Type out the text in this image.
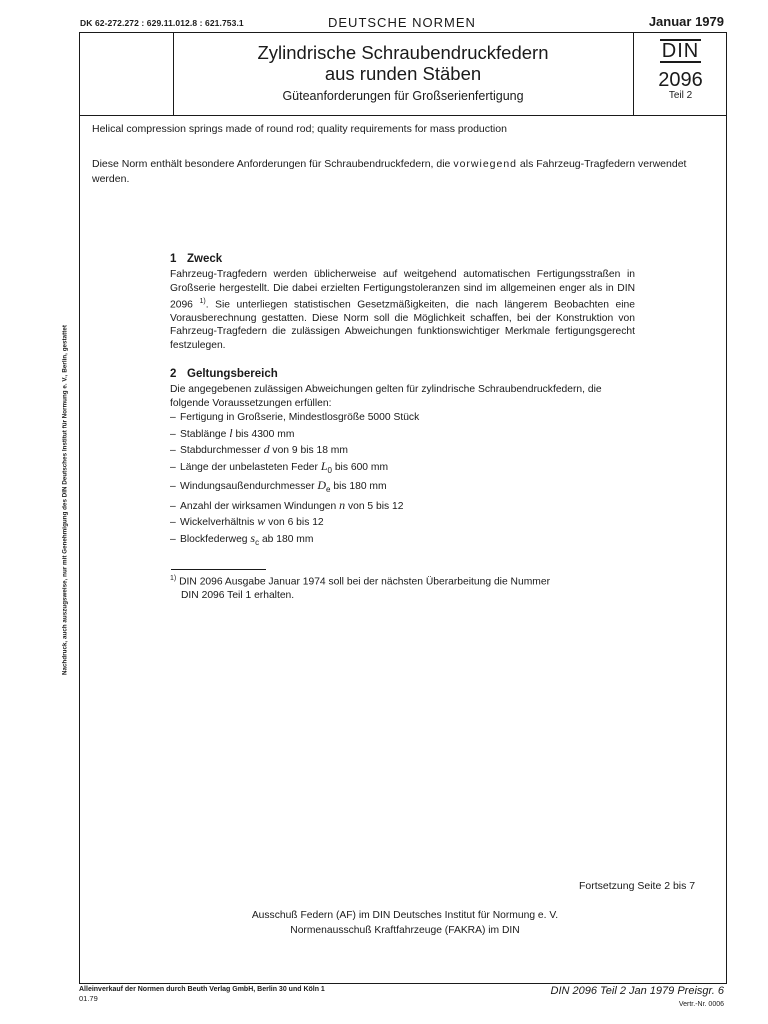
DK 62-272.272 : 629.11.012.8 : 621.753.1	DEUTSCHE NORMEN	Januar 1979
Zylindrische Schraubendruckfedern
aus runden Stäben
Güteanforderungen für Großserienfertigung
DIN
2096
Teil 2
Nachdruck, auch auszugsweise, nur mit Genehmigung des DIN Deutsches Institut für Normung e. V., Berlin, gestattet
Helical compression springs made of round rod; quality requirements for mass production
Diese Norm enthält besondere Anforderungen für Schraubendruckfedern, die vorwiegend als Fahrzeug-Tragfedern verwendet werden.
1 Zweck

Fahrzeug-Tragfedern werden üblicherweise auf weitgehend automatischen Fertigungsstraßen in Großserie hergestellt. Die dabei erzielten Fertigungstoleranzen sind im allgemeinen enger als in DIN 2096 $^{1)}$. Sie unterliegen statistischen Gesetzmäßigkeiten, die nach längerem Beobachten eine Vorausberechnung gestatten. Diese Norm soll die Möglichkeit schaffen, bei der Konstruktion von Fahrzeug-Tragfedern die zulässigen Abweichungen funktionswichtiger Merkmale fertigungsgerecht festzulegen.

2 Geltungsbereich

Die angegebenen zulässigen Abweichungen gelten für zylindrische Schraubendruckfedern, die folgende Voraussetzungen erfüllen:

– Fertigung in Großserie, Mindestlosgröße 5000 Stück
– Stablänge l bis 4300 mm
– Stabdurchmesser d von 9 bis 18 mm
– Länge der unbelasteten Feder $L_0$ bis 600 mm
– Windungsaußendurchmesser $D_e$ bis 180 mm
– Anzahl der wirksamen Windungen n von 5 bis 12
– Wickelverhältnis w von 6 bis 12
– Blockfederweg $s_c$ ab 180 mm
$^{1)}$ DIN 2096 Ausgabe Januar 1974 soll bei der nächsten Überarbeitung die Nummer
DIN 2096 Teil 1 erhalten.
Fortsetzung Seite 2 bis 7
Ausschuß Federn (AF) im DIN Deutsches Institut für Normung e. V.
Normenausschuß Kraftfahrzeuge (FAKRA) im DIN
Alleinverkauf der Normen durch Beuth Verlag GmbH, Berlin 30 und Köln 1
01.79
DIN 2096 Teil 2 Jan 1979 Preisgr. 6
Vertr.-Nr. 0006
